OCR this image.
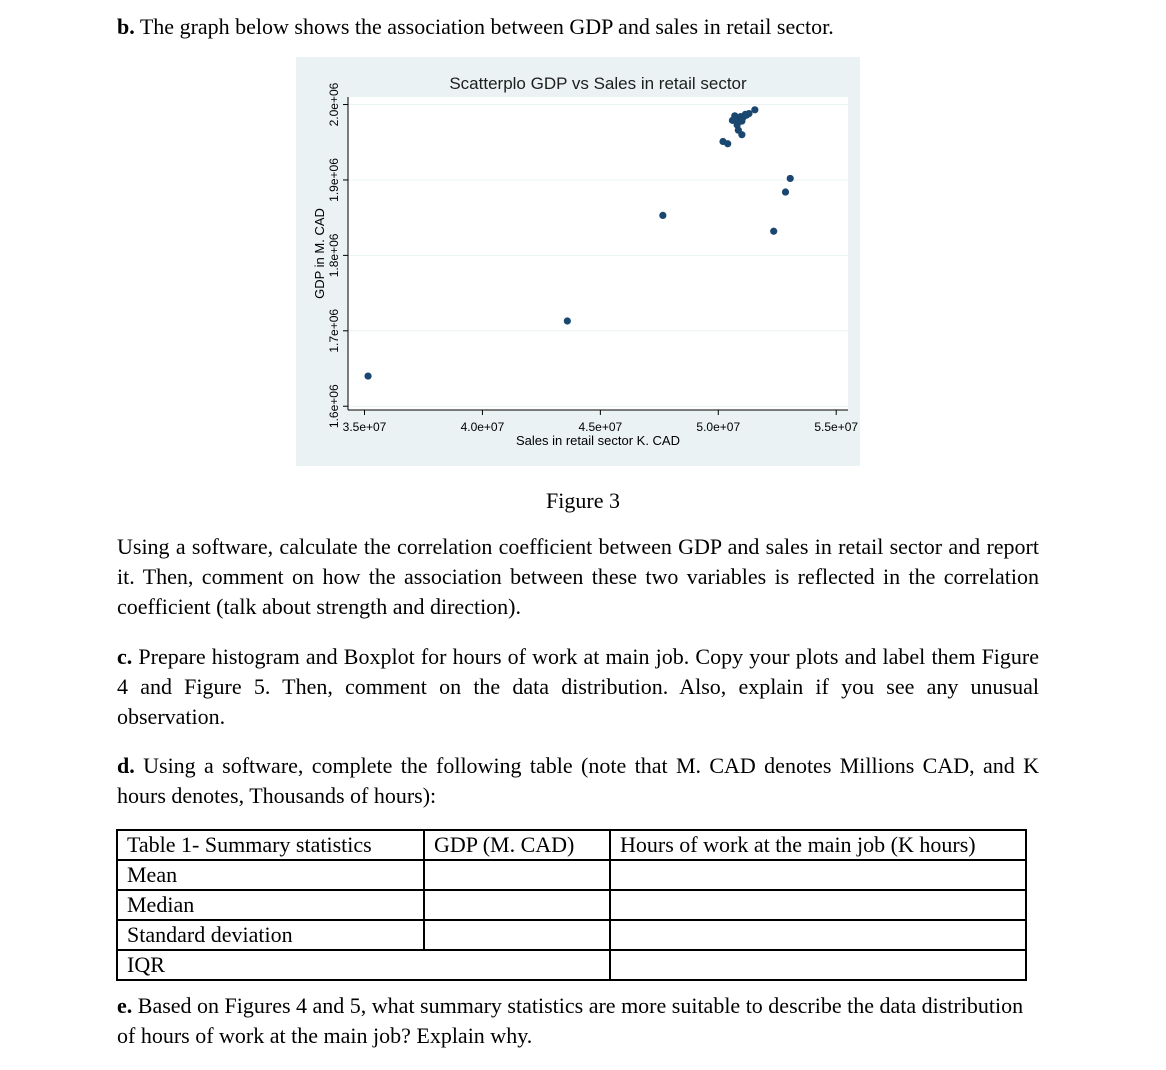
b. The graph below shows the association between GDP and sales in retail sector.
Scatterplo GDP vs Sales in retail sector
1.6e+06
1.7e+06
1.8e+06
1.9e+06
2.0e+06
3.5e+07	4.0e+07	4.5e+07	5.0e+07	5.5e+07
Sales in retail sector K. CAD
GDP in M. CAD
Figure 3
Using a software, calculate the correlation coefficient between GDP and sales in retail sector and report it. Then, comment on how the association between these two variables is reflected in the correlation coefficient (talk about strength and direction).
c. Prepare histogram and Boxplot for hours of work at main job. Copy your plots and label them Figure 4 and Figure 5. Then, comment on the data distribution. Also, explain if you see any unusual observation.
d. Using a software, complete the following table (note that M. CAD denotes Millions CAD, and K hours denotes, Thousands of hours):
Table 1- Summary statistics	GDP (M. CAD)	Hours of work at the main job (K hours)
Mean		
Median		
Standard deviation		
IQR		
e. Based on Figures 4 and 5, what summary statistics are more suitable to describe the data distribution of hours of work at the main job? Explain why.
